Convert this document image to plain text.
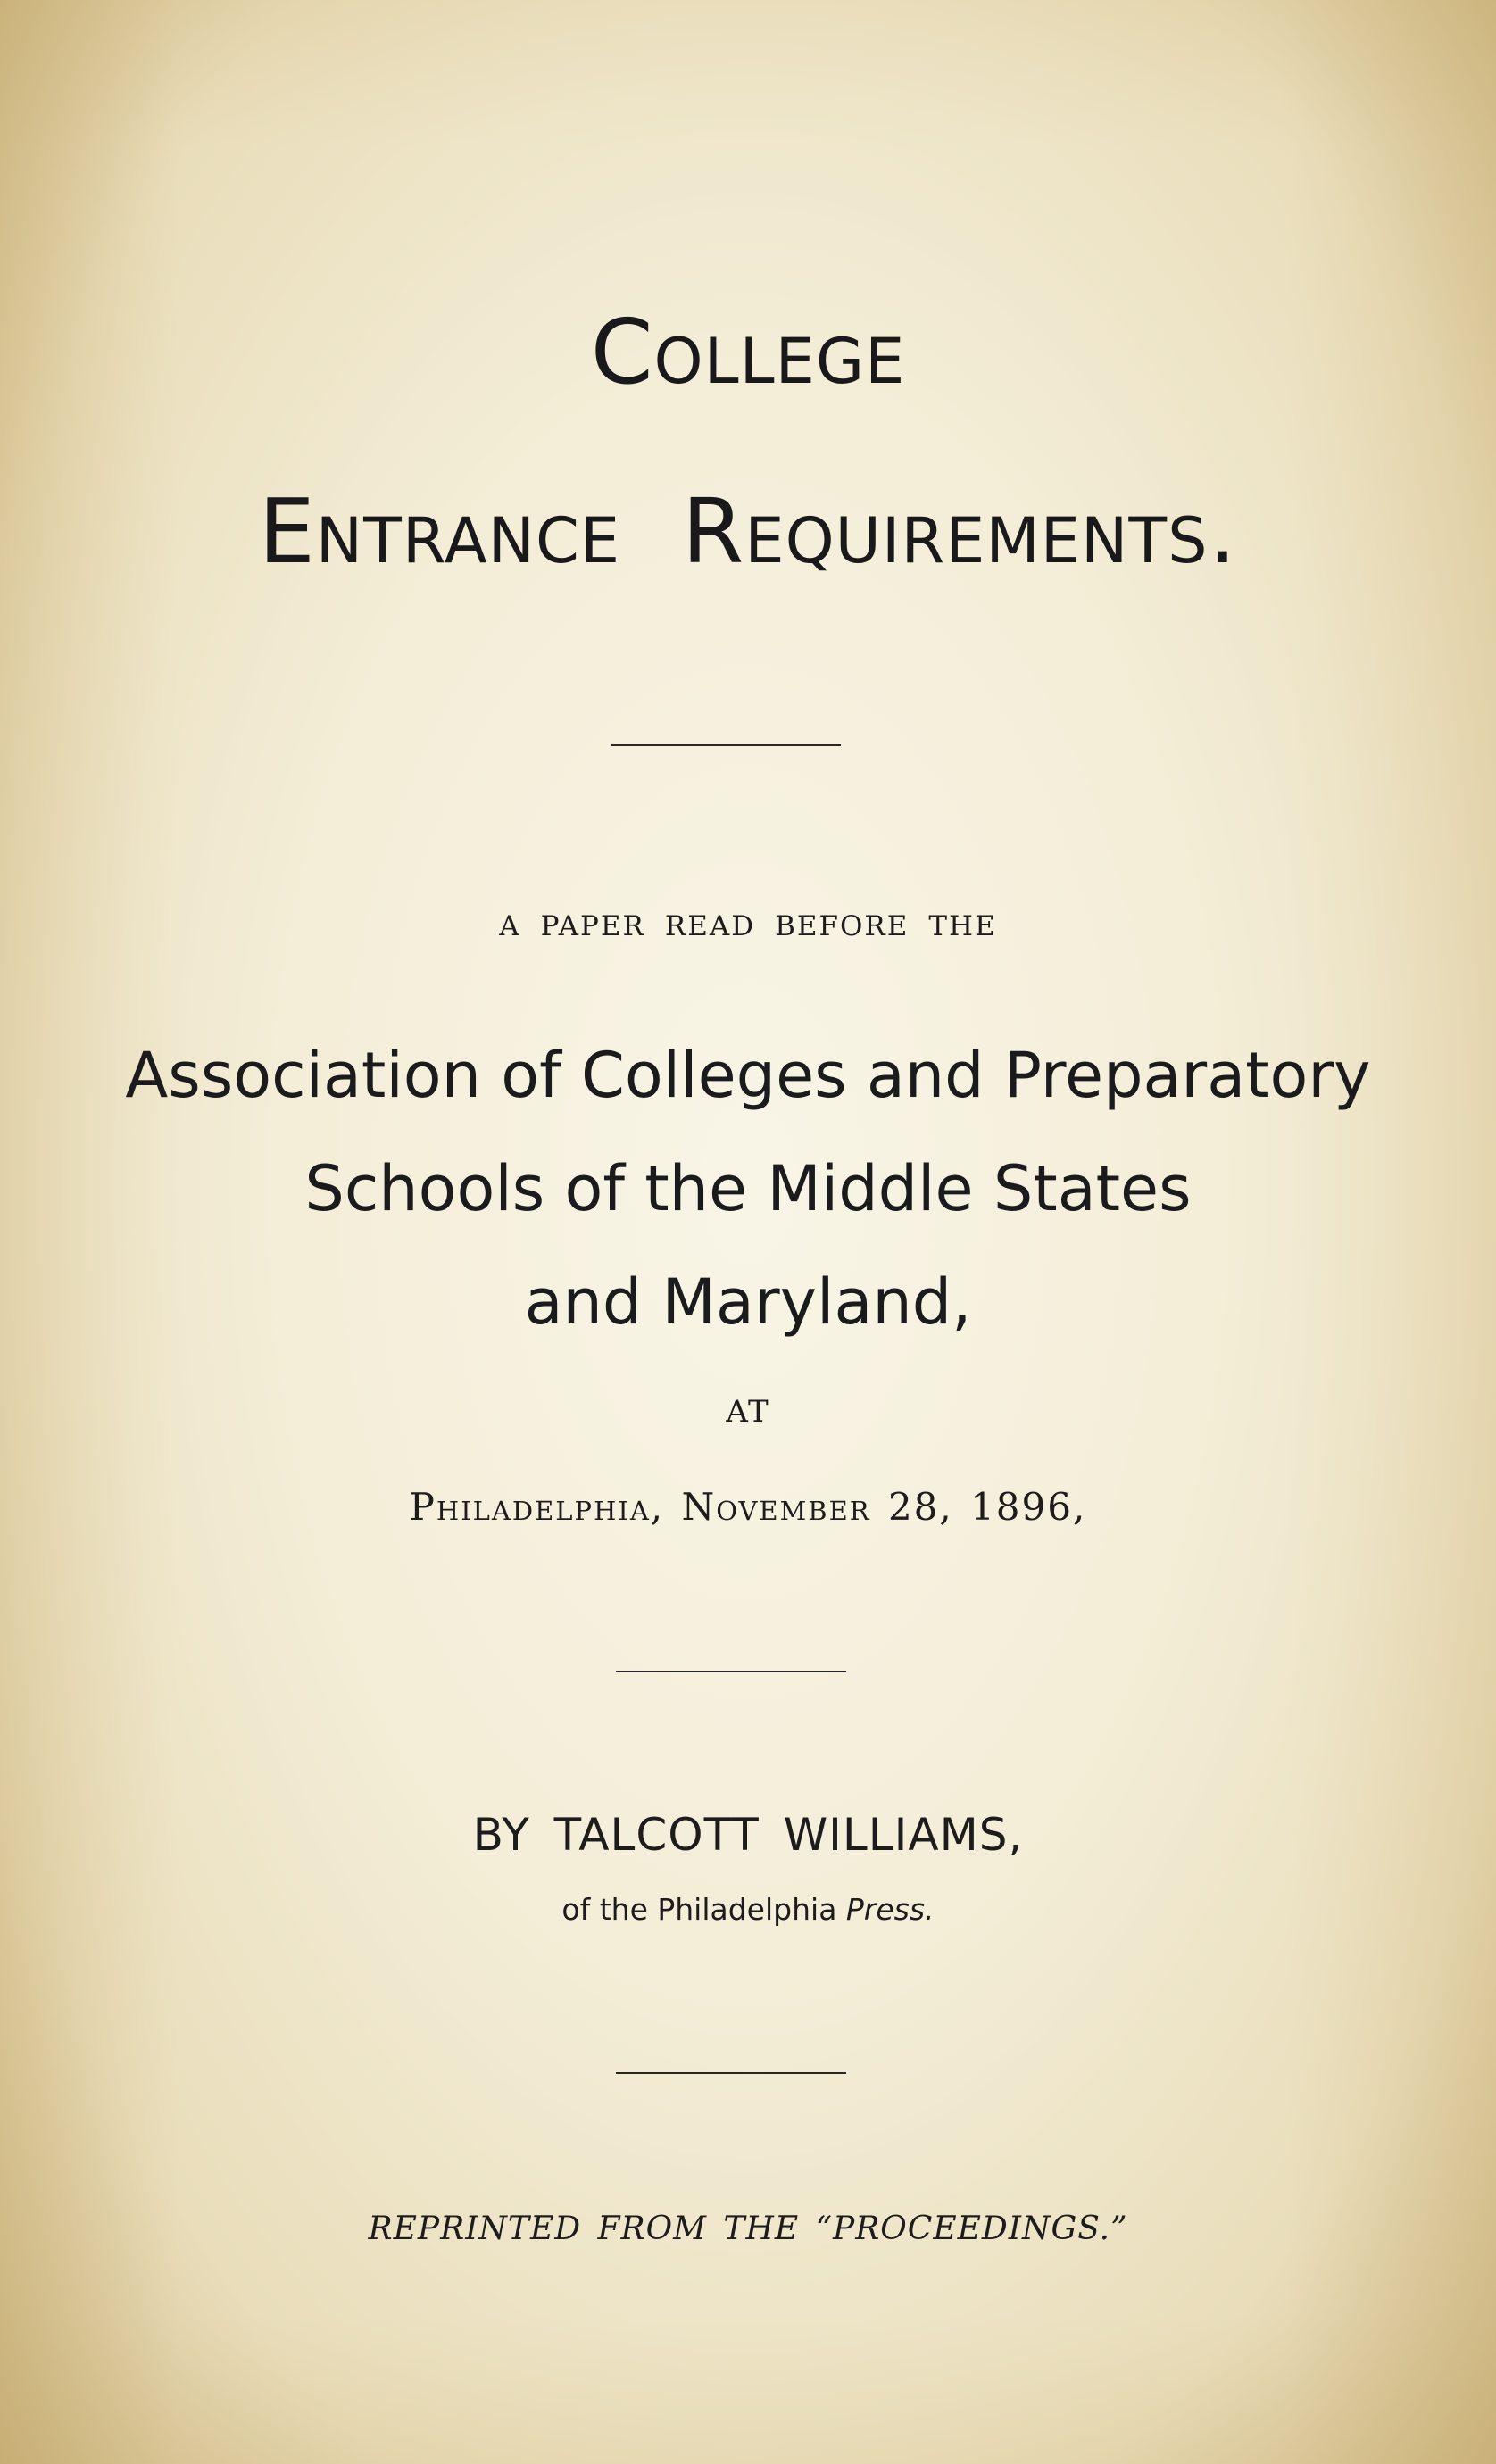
College
Entrance Requirements.
a paper read before the
Association of Colleges and Preparatory
Schools of the Middle States
and Maryland,
AT
Philadelphia, November 28, 1896,
BY TALCOTT WILLIAMS,
of the Philadelphia Press.
REPRINTED FROM THE “PROCEEDINGS.”
